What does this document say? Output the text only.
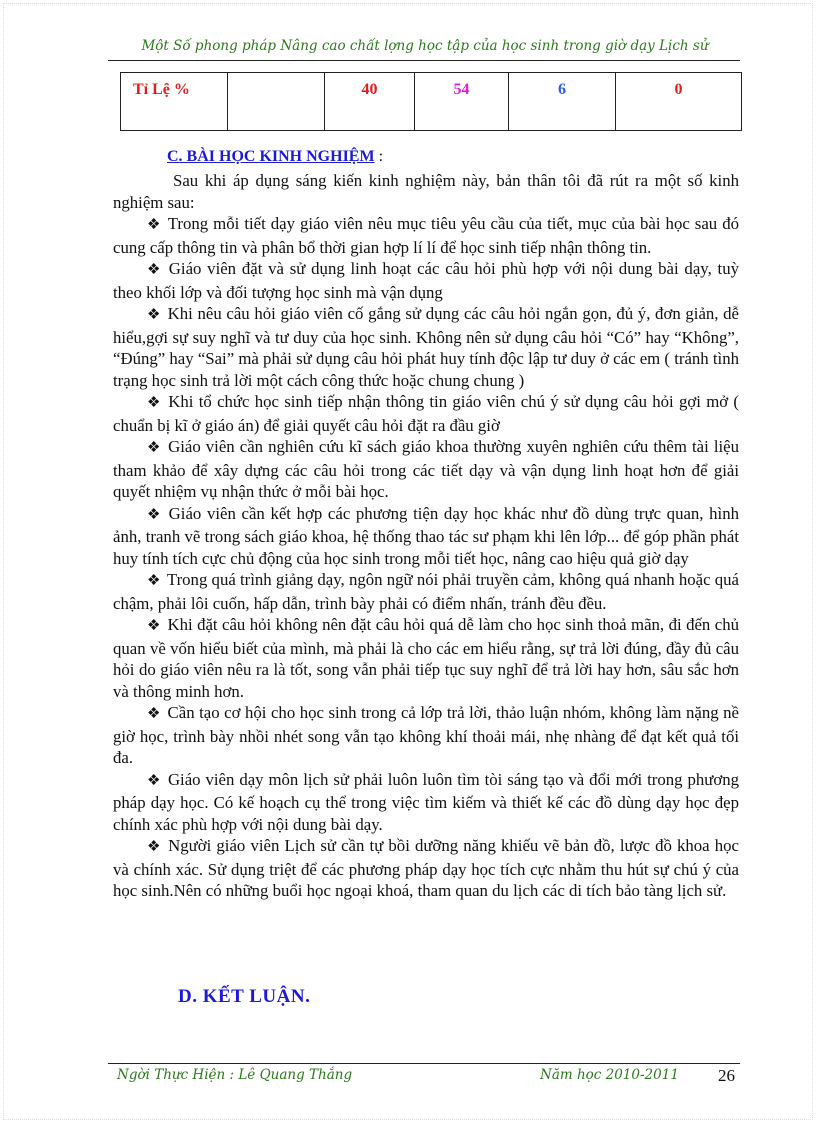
Một Số phong pháp Nâng cao chất lợng học tập của học sinh trong giờ dạy Lịch sử
Tỉ Lệ %		40	54	6	0
C. BÀI HỌC KINH NGHIỆM :

Sau khi áp dụng sáng kiến kinh nghiệm này, bản thân tôi đã rút ra một số kinh nghiệm sau:

❖ Trong mỗi tiết dạy giáo viên nêu mục tiêu yêu cầu của tiết, mục của bài học sau đó cung cấp thông tin và phân bổ thời gian hợp lí lí để học sinh tiếp nhận thông tin.

❖ Giáo viên đặt và sử dụng linh hoạt các câu hỏi phù hợp với nội dung bài dạy, tuỳ theo khối lớp và đối tượng học sinh mà vận dụng

❖ Khi nêu câu hỏi giáo viên cố gắng sử dụng các câu hỏi ngắn gọn, đủ ý, đơn giản, dễ hiểu,gợi sự suy nghĩ và tư duy của học sinh. Không nên sử dụng câu hỏi “Có” hay “Không”, “Đúng” hay “Sai” mà phải sử dụng câu hỏi phát huy tính độc lập tư duy ở các em ( tránh tình trạng học sinh trả lời một cách công thức hoặc chung chung )

❖ Khi tổ chức học sinh tiếp nhận thông tin giáo viên chú ý sử dụng câu hỏi gợi mở ( chuẩn bị kĩ ở giáo án) để giải quyết câu hỏi đặt ra đầu giờ

❖ Giáo viên cần nghiên cứu kĩ sách giáo khoa thường xuyên nghiên cứu thêm tài liệu tham khảo để xây dựng các câu hỏi trong các tiết dạy và vận dụng linh hoạt hơn để giải quyết nhiệm vụ nhận thức ở mỗi bài học.

❖ Giáo viên cần kết hợp các phương tiện dạy học khác như đồ dùng trực quan, hình ảnh, tranh vẽ trong sách giáo khoa, hệ thống thao tác sư phạm khi lên lớp... để góp phần phát huy tính tích cực chủ động của học sinh trong mỗi tiết học, nâng cao hiệu quả giờ dạy

❖ Trong quá trình giảng dạy, ngôn ngữ nói phải truyền cảm, không quá nhanh hoặc quá chậm, phải lôi cuốn, hấp dẫn, trình bày phải có điểm nhấn, tránh đều đều.

❖ Khi đặt câu hỏi không nên đặt câu hỏi quá dễ làm cho học sinh thoả mãn, đi đến chủ quan về vốn hiểu biết của mình, mà phải là cho các em hiểu rằng, sự trả lời đúng, đầy đủ câu hỏi do giáo viên nêu ra là tốt, song vẫn phải tiếp tục suy nghĩ để trả lời hay hơn, sâu sắc hơn và thông minh hơn.

❖ Cần tạo cơ hội cho học sinh trong cả lớp trả lời, thảo luận nhóm, không làm nặng nề giờ học, trình bày nhồi nhét song vẫn tạo không khí thoải mái, nhẹ nhàng để đạt kết quả tối đa.

❖ Giáo viên dạy môn lịch sử phải luôn luôn tìm tòi sáng tạo và đổi mới trong phương pháp dạy học. Có kế hoạch cụ thể trong việc tìm kiếm và thiết kế các đồ dùng dạy học đẹp chính xác phù hợp với nội dung bài dạy.

❖ Người giáo viên Lịch sử cần tự bồi dưỡng năng khiếu vẽ bản đồ, lược đồ khoa học và chính xác. Sử dụng triệt để các phương pháp dạy học tích cực nhằm thu hút sự chú ý của học sinh.Nên có những buổi học ngoại khoá, tham quan du lịch các di tích bảo tàng lịch sử.

D. KẾT LUẬN.
Ngời Thực Hiện : Lê Quang Thắng	Năm học 2010-2011 26
